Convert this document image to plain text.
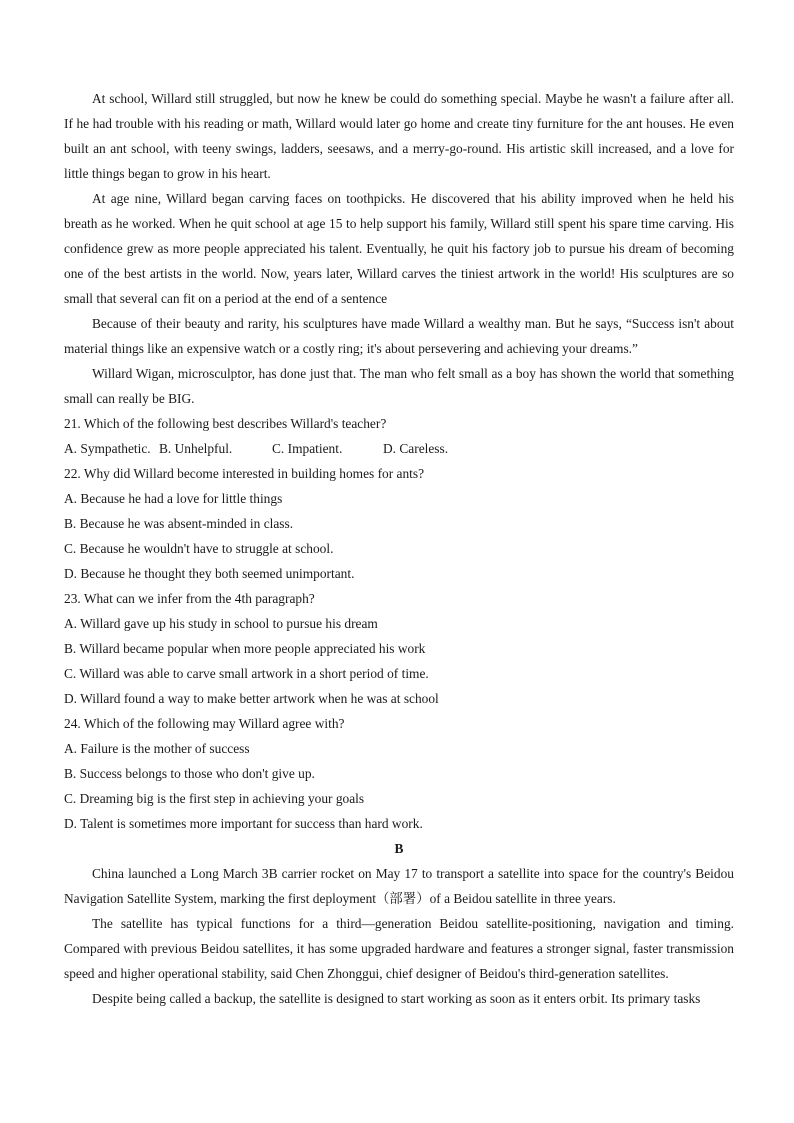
At school, Willard still struggled, but now he knew be could do something special. Maybe he wasn't a failure after all. If he had trouble with his reading or math, Willard would later go home and create tiny furniture for the ant houses. He even built an ant school, with teeny swings, ladders, seesaws, and a merry-go-round. His artistic skill increased, and a love for little things began to grow in his heart.

At age nine, Willard began carving faces on toothpicks. He discovered that his ability improved when he held his breath as he worked. When he quit school at age 15 to help support his family, Willard still spent his spare time carving. His confidence grew as more people appreciated his talent. Eventually, he quit his factory job to pursue his dream of becoming one of the best artists in the world. Now, years later, Willard carves the tiniest artwork in the world! His sculptures are so small that several can fit on a period at the end of a sentence

Because of their beauty and rarity, his sculptures have made Willard a wealthy man. But he says, “Success isn't about material things like an expensive watch or a costly ring; it's about persevering and achieving your dreams.”

Willard Wigan, microsculptor, has done just that. The man who felt small as a boy has shown the world that something small can really be BIG.

21. Which of the following best describes Willard's teacher?

A. Sympathetic. B. Unhelpful.	C. Impatient.	D. Careless.

22. Why did Willard become interested in building homes for ants?

A. Because he had a love for little things

B. Because he was absent-minded in class.

C. Because he wouldn't have to struggle at school.

D. Because he thought they both seemed unimportant.

23. What can we infer from the 4th paragraph?

A. Willard gave up his study in school to pursue his dream

B. Willard became popular when more people appreciated his work

C. Willard was able to carve small artwork in a short period of time.

D. Willard found a way to make better artwork when he was at school

24. Which of the following may Willard agree with?

A. Failure is the mother of success

B. Success belongs to those who don't give up.

C. Dreaming big is the first step in achieving your goals

D. Talent is sometimes more important for success than hard work.

B

China launched a Long March 3B carrier rocket on May 17 to transport a satellite into space for the country's Beidou Navigation Satellite System, marking the first deployment（部署）of a Beidou satellite in three years.

The satellite has typical functions for a third—generation Beidou satellite-positioning, navigation and timing. Compared with previous Beidou satellites, it has some upgraded hardware and features a stronger signal, faster transmission speed and higher operational stability, said Chen Zhonggui, chief designer of Beidou's third-generation satellites.

Despite being called a backup, the satellite is designed to start working as soon as it enters orbit. Its primary tasks
